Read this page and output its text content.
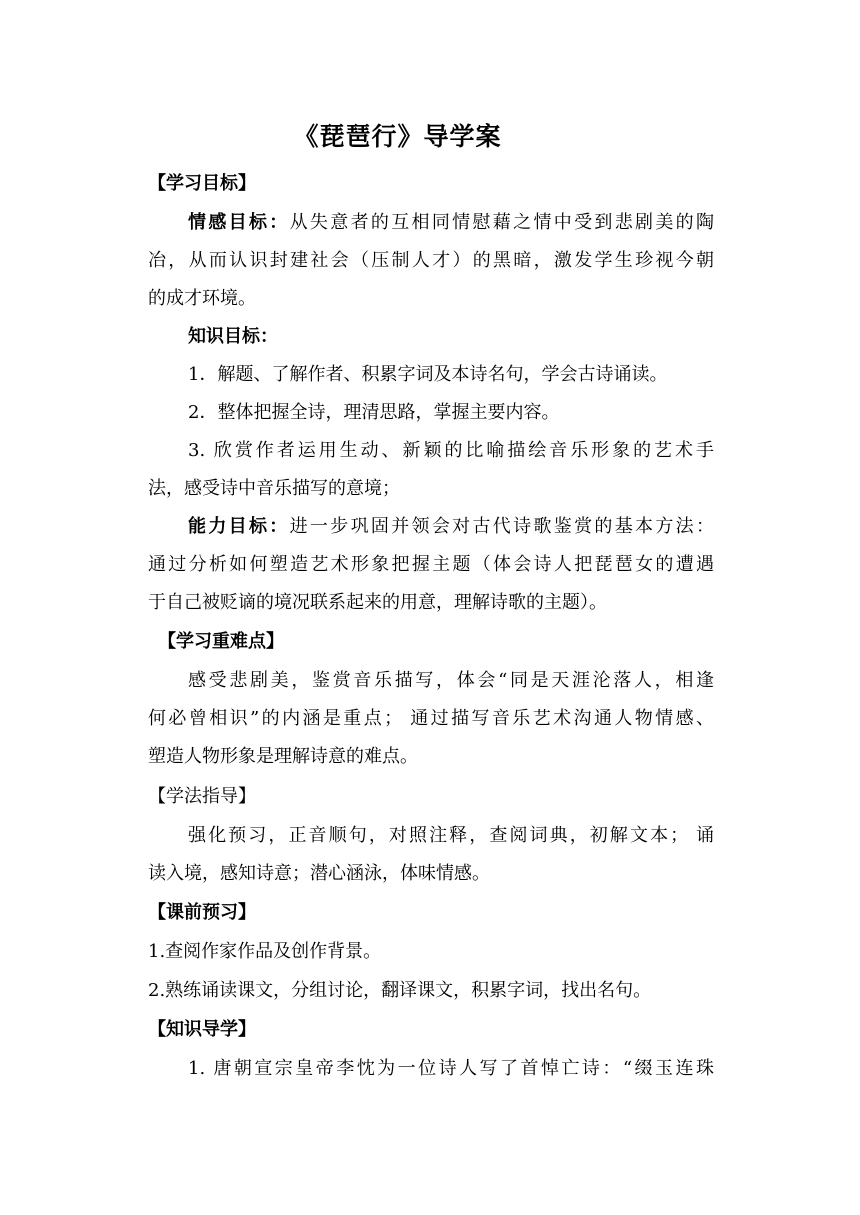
《琵琶行》导学案
【学习目标】
情感目标：从失意者的互相同情慰藉之情中受到悲剧美的陶
冶，从而认识封建社会（压制人才）的黑暗，激发学生珍视今朝
的成才环境。
知识目标：
1．解题、了解作者、积累字词及本诗名句，学会古诗诵读。
2．整体把握全诗，理清思路，掌握主要内容。
3. 欣赏作者运用生动、新颖的比喻描绘音乐形象的艺术手
法，感受诗中音乐描写的意境；
能力目标：进一步巩固并领会对古代诗歌鉴赏的基本方法：
通过分析如何塑造艺术形象把握主题（体会诗人把琵琶女的遭遇
于自己被贬谪的境况联系起来的用意，理解诗歌的主题）。
【学习重难点】
感受悲剧美，鉴赏音乐描写，体会“同是天涯沦落人，相逢
何必曾相识”的内涵是重点； 通过描写音乐艺术沟通人物情感、
塑造人物形象是理解诗意的难点。
【学法指导】
强化预习，正音顺句，对照注释，查阅词典，初解文本； 诵
读入境，感知诗意；潜心涵泳，体味情感。
【课前预习】
1.查阅作家作品及创作背景。
2.熟练诵读课文，分组讨论，翻译课文，积累字词，找出名句。
【知识导学】
1. 唐朝宣宗皇帝李忱为一位诗人写了首悼亡诗：“缀玉连珠
